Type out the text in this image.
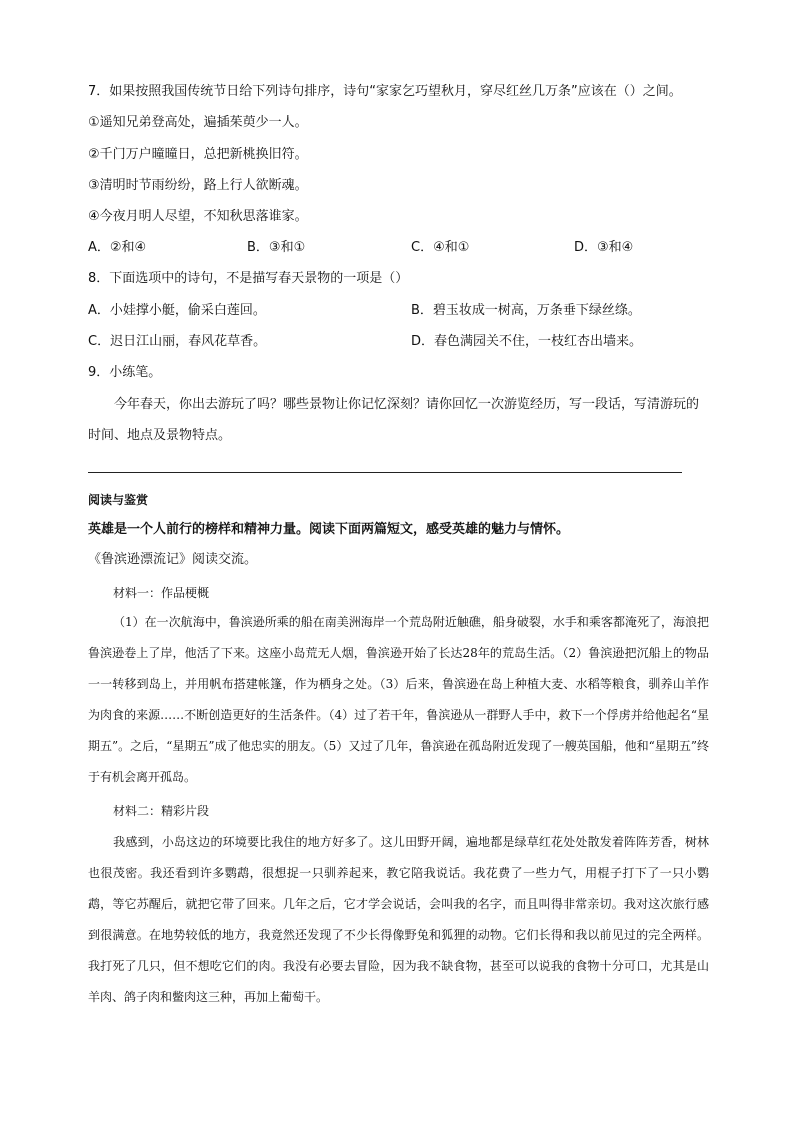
7．如果按照我国传统节日给下列诗句排序，诗句“家家乞巧望秋月，穿尽红丝几万条”应该在（）之间。
①遥知兄弟登高处，遍插茱萸少一人。
②千门万户曈曈日，总把新桃换旧符。
③清明时节雨纷纷，路上行人欲断魂。
④今夜月明人尽望，不知秋思落谁家。
A．②和④	B．③和①	C．④和①	D．③和④
8．下面选项中的诗句，不是描写春天景物的一项是（）
A．小娃撑小艇，偷采白莲回。	B．碧玉妆成一树高，万条垂下绿丝绦。
C．迟日江山丽，春风花草香。	D．春色满园关不住，一枝红杏出墙来。
9．小练笔。
今年春天，你出去游玩了吗？哪些景物让你记忆深刻？请你回忆一次游览经历，写一段话，写清游玩的时间、地点及景物特点。
阅读与鉴赏
英雄是一个人前行的榜样和精神力量。阅读下面两篇短文，感受英雄的魅力与情怀。
《鲁滨逊漂流记》阅读交流。
材料一：作品梗概
（1）在一次航海中，鲁滨逊所乘的船在南美洲海岸一个荒岛附近触礁，船身破裂，水手和乘客都淹死了，海浪把鲁滨逊卷上了岸，他活了下来。这座小岛荒无人烟，鲁滨逊开始了长达28年的荒岛生活。（2）鲁滨逊把沉船上的物品一一转移到岛上，并用帆布搭建帐篷，作为栖身之处。（3）后来，鲁滨逊在岛上种植大麦、水稻等粮食，驯养山羊作为肉食的来源……不断创造更好的生活条件。（4）过了若干年，鲁滨逊从一群野人手中，救下一个俘虏并给他起名“星期五”。之后，“星期五”成了他忠实的朋友。（5）又过了几年，鲁滨逊在孤岛附近发现了一艘英国船，他和“星期五”终于有机会离开孤岛。
材料二：精彩片段
我感到，小岛这边的环境要比我住的地方好多了。这儿田野开阔，遍地都是绿草红花处处散发着阵阵芳香，树林也很茂密。我还看到许多鹦鹉，很想捉一只驯养起来，教它陪我说话。我花费了一些力气，用棍子打下了一只小鹦鹉，等它苏醒后，就把它带了回来。几年之后，它才学会说话，会叫我的名字，而且叫得非常亲切。我对这次旅行感到很满意。在地势较低的地方，我竟然还发现了不少长得像野兔和狐狸的动物。它们长得和我以前见过的完全两样。我打死了几只，但不想吃它们的肉。我没有必要去冒险，因为我不缺食物，甚至可以说我的食物十分可口，尤其是山羊肉、鸽子肉和鳖肉这三种，再加上葡萄干。
